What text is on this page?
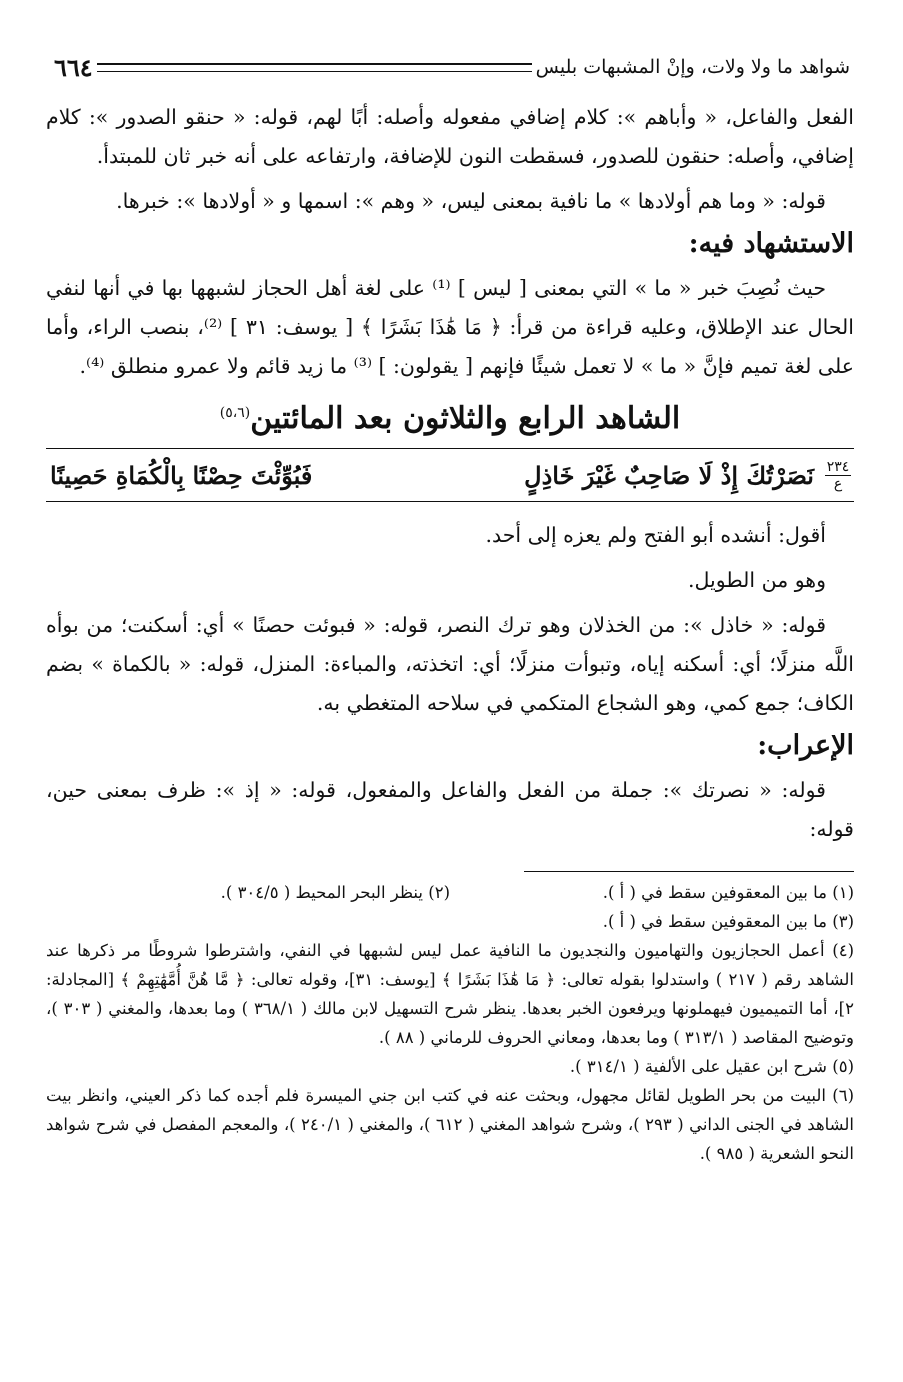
شواهد ما ولا ولات، وإنْ المشبهات بليس
٦٦٤

الفعل والفاعل، « وأباهم »: كلام إضافي مفعوله وأصله: أبًا لهم، قوله: « حنقو الصدور »: كلام إضافي، وأصله: حنقون للصدور، فسقطت النون للإضافة، وارتفاعه على أنه خبر ثان للمبتدأ.

قوله: « وما هم أولادها » ما نافية بمعنى ليس، « وهم »: اسمها و « أولادها »: خبرها.

الاستشهاد فيه:

حيث نُصِبَ خبر « ما » التي بمعنى [ ليس ] ⁽¹⁾ على لغة أهل الحجاز لشبهها بها في أنها لنفي الحال عند الإطلاق، وعليه قراءة من قرأ: ﴿ مَا هَٰذَا بَشَرًا ﴾ [ يوسف: ٣١ ] ⁽²⁾، بنصب الراء، وأما على لغة تميم فإنَّ « ما » لا تعمل شيئًا فإنهم [ يقولون: ] ⁽³⁾ ما زيد قائم ولا عمرو منطلق ⁽⁴⁾.

الشاهد الرابع والثلاثون بعد المائتين$^{(٥،٦)}$
٢٣٤
ع
نَصَرْتُكَ إِذْ لَا صَاحِبٌ غَيْرَ خَاذِلٍ
فَبُوِّئْتَ حِصْنًا بِالْكُمَاةِ حَصِينًا

أقول: أنشده أبو الفتح ولم يعزه إلى أحد.

وهو من الطويل.

قوله: « خاذل »: من الخذلان وهو ترك النصر، قوله: « فبوئت حصنًا » أي: أسكنت؛ من بوأه اللَّه منزلًا؛ أي: أسكنه إياه، وتبوأت منزلًا؛ أي: اتخذته، والمباءة: المنزل، قوله: « بالكماة » بضم الكاف؛ جمع كمي، وهو الشجاع المتكمي في سلاحه المتغطي به.

الإعراب:

قوله: « نصرتك »: جملة من الفعل والفاعل والمفعول، قوله: « إذ »: ظرف بمعنى حين، قوله:

(١) ما بين المعقوفين سقط في ( أ ).

(٢) ينظر البحر المحيط ( ٣٠٤/٥ ).

(٣) ما بين المعقوفين سقط في ( أ ).

(٤) أعمل الحجازيون والتهاميون والنجديون ما النافية عمل ليس لشبهها في النفي، واشترطوا شروطًا مر ذكرها عند الشاهد رقم ( ٢١٧ ) واستدلوا بقوله تعالى: ﴿ مَا هَٰذَا بَشَرًا ﴾ [يوسف: ٣١]، وقوله تعالى: ﴿ مَّا هُنَّ أُمَّهَٰتِهِمْ ﴾ [المجادلة: ٢]، أما التميميون فيهملونها ويرفعون الخبر بعدها. ينظر شرح التسهيل لابن مالك ( ٣٦٨/١ ) وما بعدها، والمغني ( ٣٠٣ )، وتوضيح المقاصد ( ٣١٣/١ ) وما بعدها، ومعاني الحروف للرماني ( ٨٨ ).

(٥) شرح ابن عقيل على الألفية ( ٣١٤/١ ).

(٦) البيت من بحر الطويل لقائل مجهول، وبحثت عنه في كتب ابن جني الميسرة فلم أجده كما ذكر العيني، وانظر بيت الشاهد في الجنى الداني ( ٢٩٣ )، وشرح شواهد المغني ( ٦١٢ )، والمغني ( ٢٤٠/١ )، والمعجم المفصل في شرح شواهد النحو الشعرية ( ٩٨٥ ).
